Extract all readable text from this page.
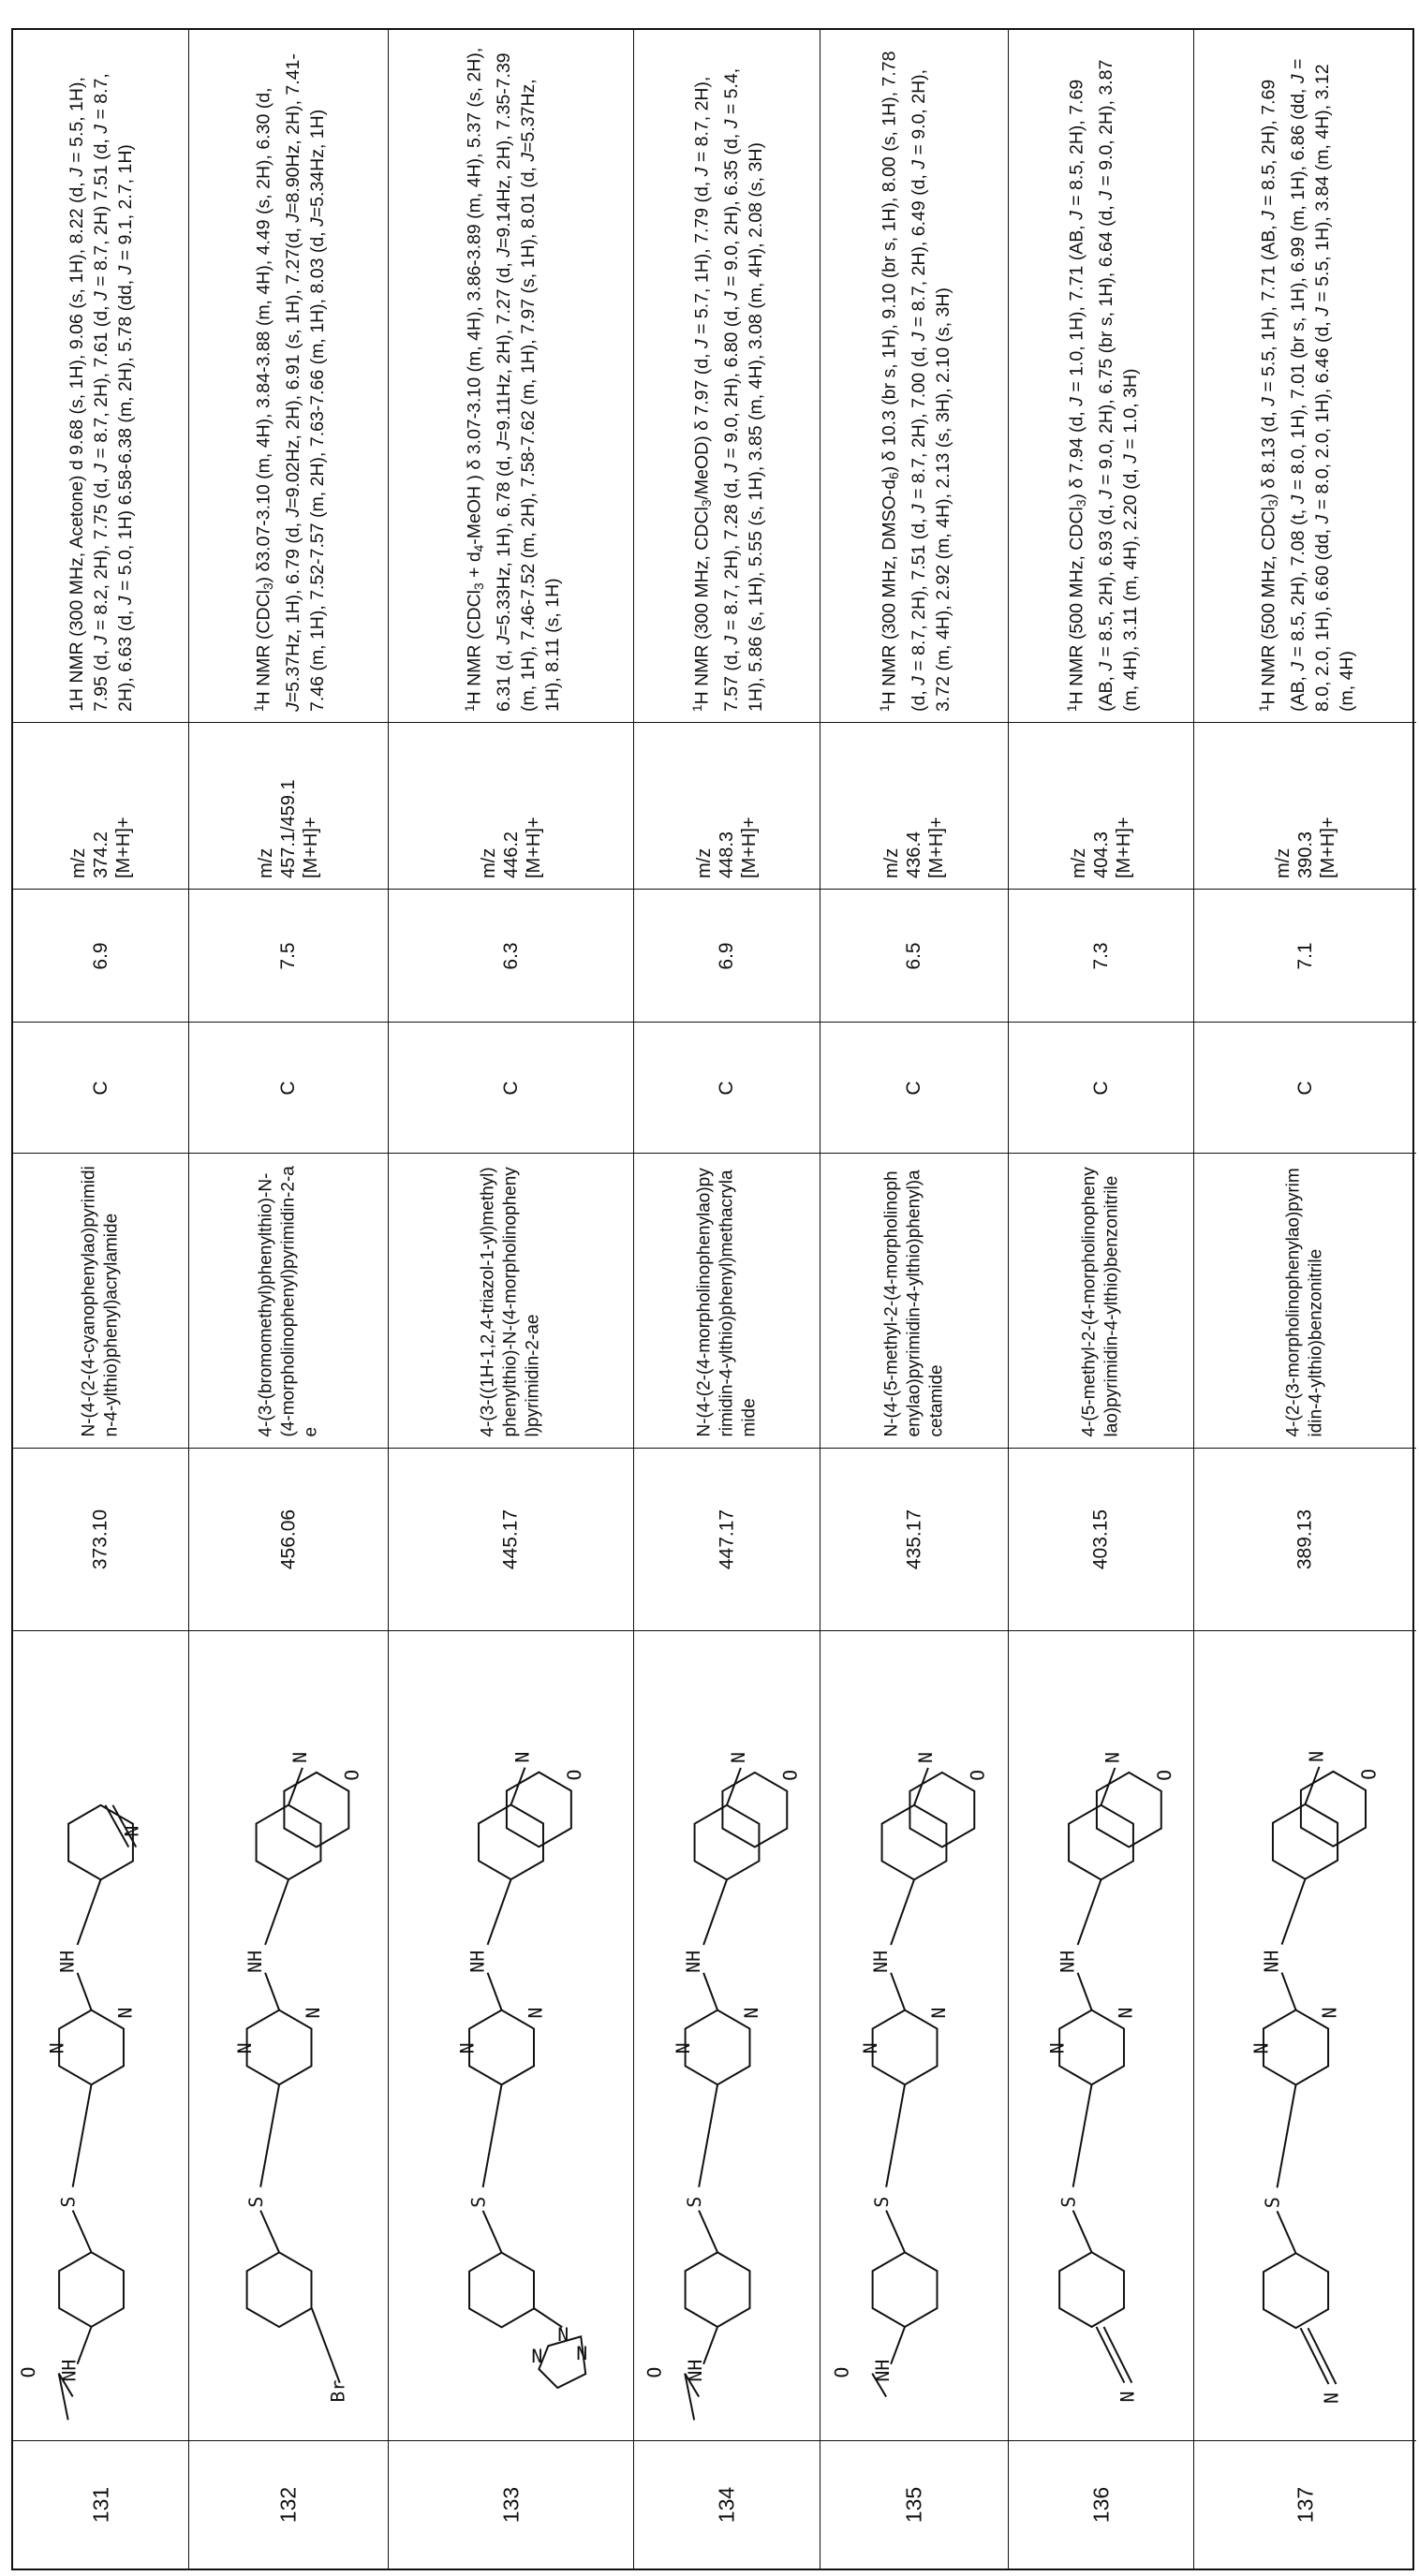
1H NMR (300 MHz, Acetone) d 9.68 (s, 1H), 9.06 (s, 1H), 8.22 (d, J = 5.5, 1H), 7.95 (d, J = 8.2, 2H), 7.75 (d, J = 8.7, 2H), 7.61 (d, J = 8.7, 2H) 7.51 (d, J = 8.7, 2H), 6.63 (d, J = 5.0, 1H) 6.58-6.38 (m, 2H), 5.78 (dd, J = 9.1, 2.7, 1H)
m/z 374.2 [M+H]+
6.9
C
N-(4-(2-(4-cyanophenylao)pyrimidin-4-ylthio)phenyl)acrylamide
373.10
S
N
N
NH
N
NH
O
131
$^1$H NMR (CDCl$_3$) δ3.07-3.10 (m, 4H), 3.84-3.88 (m, 4H), 4.49 (s, 2H), 6.30 (d, J=5.37Hz, 1H), 6.79 (d, J=9.02Hz, 2H), 6.91 (s, 1H), 7.27(d, J=8.90Hz, 2H), 7.41-7.46 (m, 1H), 7.52-7.57 (m, 2H), 7.63-7.66 (m, 1H), 8.03 (d, J=5.34Hz, 1H)
m/z 457.1/459.1 [M+H]+
7.5
C
4-(3-(bromomethyl)phenylthio)-N-(4-morpholinophenyl)pyrimidin-2-ae
456.06
S
N
N
NH
N
O
Br
132
$^1$H NMR (CDCl$_3$ + $d_4$-MeOH ) δ 3.07-3.10 (m, 4H), 3.86-3.89 (m, 4H), 5.37 (s, 2H), 6.31 (d, J=5.33Hz, 1H), 6.78 (d, J=9.11Hz, 2H), 7.27 (d, J=9.14Hz, 2H), 7.35-7.39 (m, 1H), 7.46-7.52 (m, 2H), 7.58-7.62 (m, 1H), 7.97 (s, 1H), 8.01 (d, J=5.37Hz, 1H), 8.11 (s, 1H)
m/z 446.2 [M+H]+
6.3
C
4-(3-((1H-1,2,4-triazol-1-yl)methyl)phenylthio)-N-(4-morpholinophenyl)pyrimidin-2-ae
445.17
S
N
N
NH
N
O
N N
N
133
$^1$H NMR (300 MHz, CDCl$_3$/MeOD) δ 7.97 (d, J = 5.7, 1H), 7.79 (d, J = 8.7, 2H), 7.57 (d, J = 8.7, 2H), 7.28 (d, J = 9.0, 2H), 6.80 (d, J = 9.0, 2H), 6.35 (d, J = 5.4, 1H), 5.86 (s, 1H), 5.55 (s, 1H), 3.85 (m, 4H), 3.08 (m, 4H), 2.08 (s, 3H)
m/z 448.3 [M+H]+
6.9
C
N-(4-(2-(4-morpholinophenylao)pyrimidin-4-ylthio)phenyl)methacrylamide
447.17
S
N
N
NH
N
O
NH
O
134
$^1$H NMR (300 MHz, DMSO-$d_6$) δ 10.3 (br s, 1H), 9.10 (br s, 1H), 8.00 (s, 1H), 7.78 (d, J = 8.7, 2H), 7.51 (d, J = 8.7, 2H), 7.00 (d, J = 8.7, 2H), 6.49 (d, J = 9.0, 2H), 3.72 (m, 4H), 2.92 (m, 4H), 2.13 (s, 3H), 2.10 (s, 3H)
m/z 436.4 [M+H]+
6.5
C
N-(4-(5-methyl-2-(4-morpholinophenylao)pyrimidin-4-ylthio)phenyl)acetamide
435.17
S
N
N
NH
N
O
NH
O
135
$^1$H NMR (500 MHz, CDCl$_3$) δ 7.94 (d, J = 1.0, 1H), 7.71 (AB, J = 8.5, 2H), 7.69 (AB, J = 8.5, 2H), 6.93 (d, J = 9.0, 2H), 6.75 (br s, 1H), 6.64 (d, J = 9.0, 2H), 3.87 (m, 4H), 3.11 (m, 4H), 2.20 (d, J = 1.0, 3H)
m/z 404.3 [M+H]+
7.3
C
4-(5-methyl-2-(4-morpholinophenylao)pyrimidin-4-ylthio)benzonitrile
403.15
S
N
N
NH
N
O
N
136
$^1$H NMR (500 MHz, CDCl$_3$) δ 8.13 (d, J = 5.5, 1H), 7.71 (AB, J = 8.5, 2H), 7.69 (AB, J = 8.5, 2H), 7.08 (t, J = 8.0, 1H), 7.01 (br s, 1H), 6.99 (m, 1H), 6.86 (dd, J = 8.0, 2.0, 1H), 6.60 (dd, J = 8.0, 2.0, 1H), 6.46 (d, J = 5.5, 1H), 3.84 (m, 4H), 3.12 (m, 4H)
m/z 390.3 [M+H]+
7.1
C
4-(2-(3-morpholinophenylao)pyrimidin-4-ylthio)benzonitrile
389.13
S
N
N
NH
N
O
N
137
